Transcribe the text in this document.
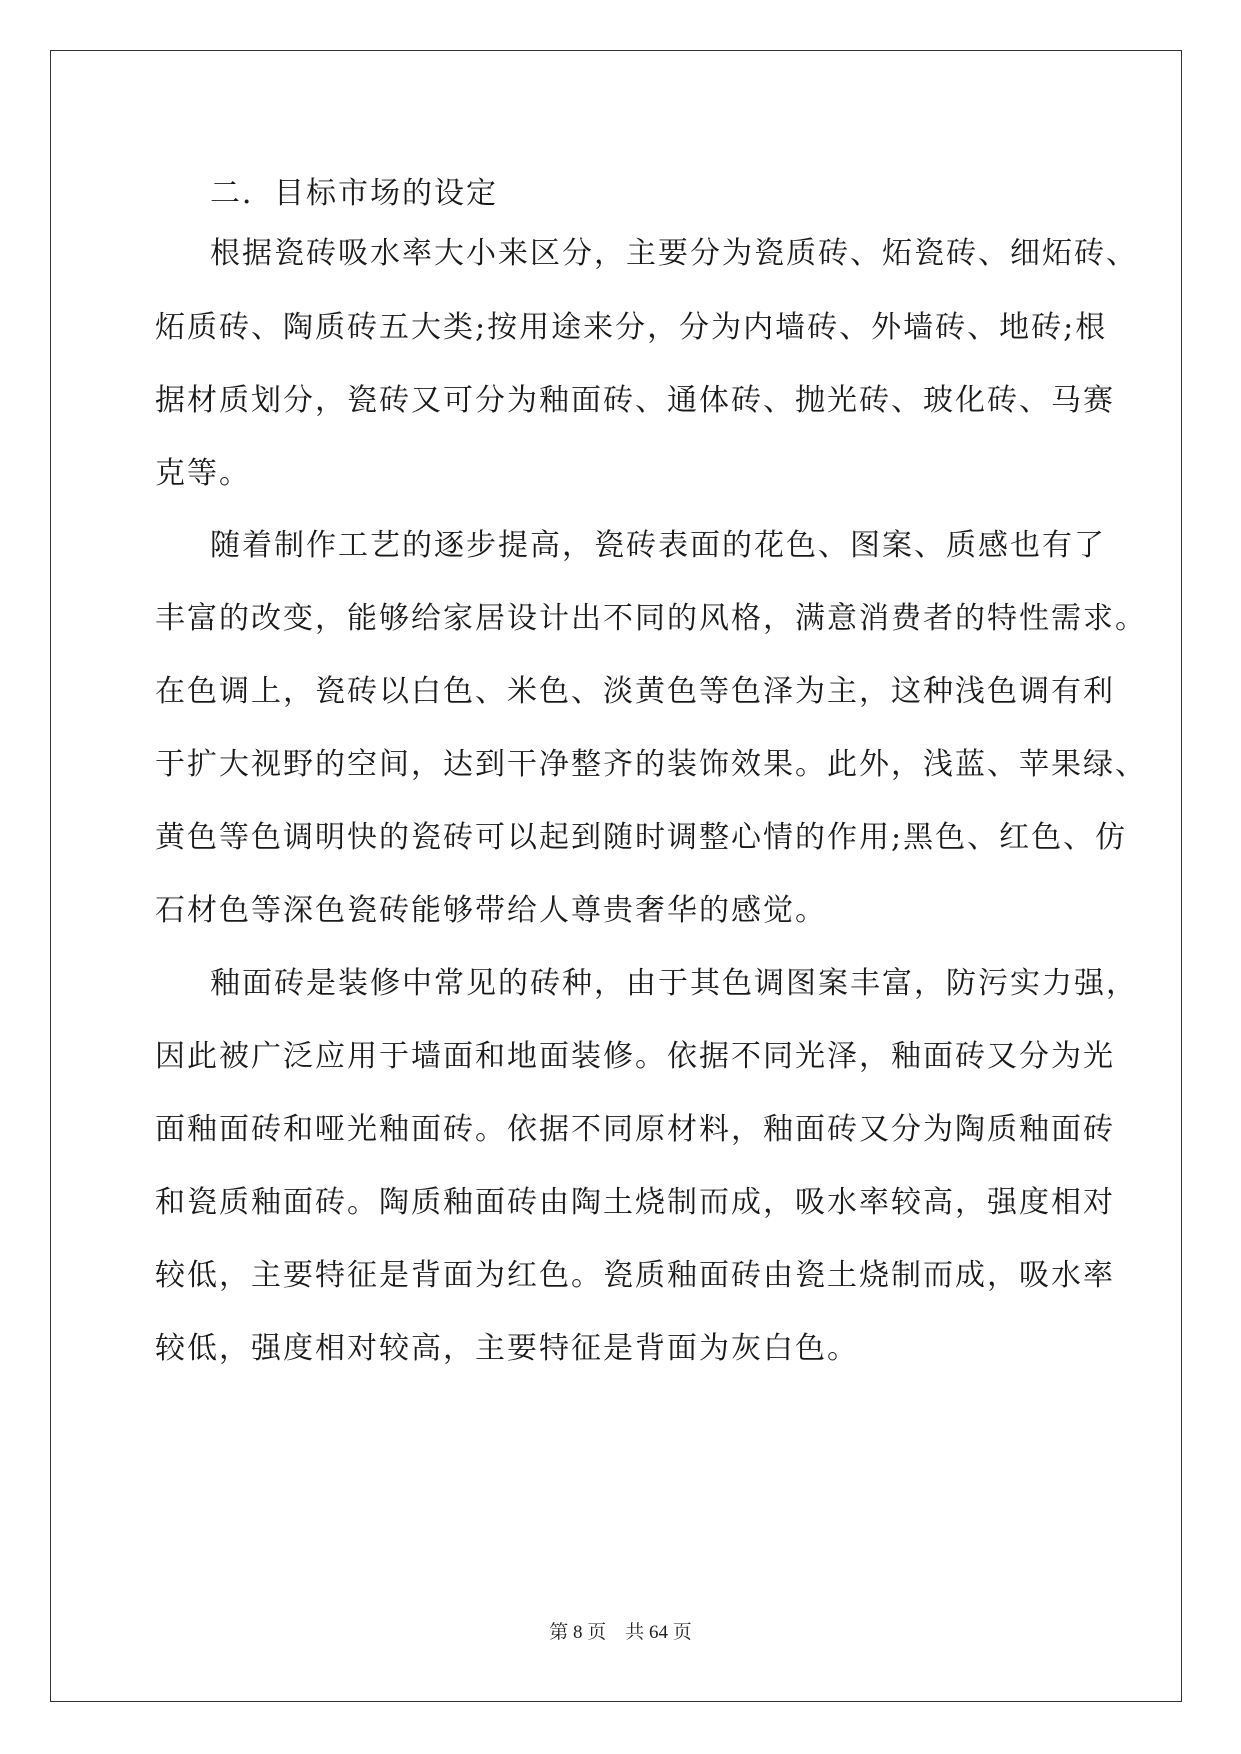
二．目标市场的设定
根据瓷砖吸水率大小来区分，主要分为瓷质砖、炻瓷砖、细炻砖、
炻质砖、陶质砖五大类;按用途来分，分为内墙砖、外墙砖、地砖;根
据材质划分，瓷砖又可分为釉面砖、通体砖、抛光砖、玻化砖、马赛
克等。
随着制作工艺的逐步提高，瓷砖表面的花色、图案、质感也有了
丰富的改变，能够给家居设计出不同的风格，满意消费者的特性需求。
在色调上，瓷砖以白色、米色、淡黄色等色泽为主，这种浅色调有利
于扩大视野的空间，达到干净整齐的装饰效果。此外，浅蓝、苹果绿、
黄色等色调明快的瓷砖可以起到随时调整心情的作用;黑色、红色、仿
石材色等深色瓷砖能够带给人尊贵奢华的感觉。
釉面砖是装修中常见的砖种，由于其色调图案丰富，防污实力强，
因此被广泛应用于墙面和地面装修。依据不同光泽，釉面砖又分为光
面釉面砖和哑光釉面砖。依据不同原材料，釉面砖又分为陶质釉面砖
和瓷质釉面砖。陶质釉面砖由陶土烧制而成，吸水率较高，强度相对
较低，主要特征是背面为红色。瓷质釉面砖由瓷土烧制而成，吸水率
较低，强度相对较高，主要特征是背面为灰白色。
第 8 页　共 64 页
